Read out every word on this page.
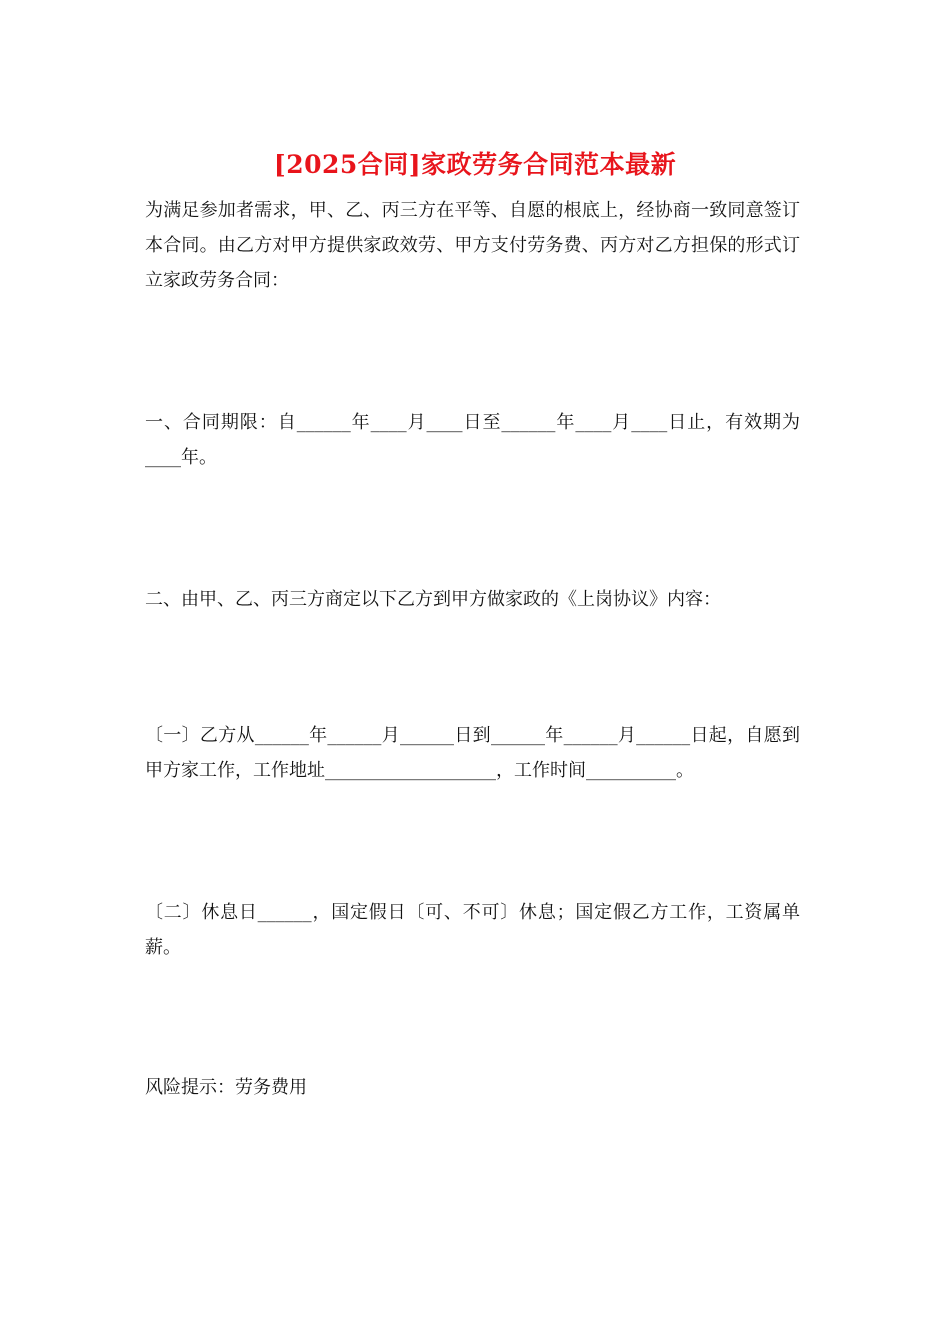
[2025合同]家政劳务合同范本最新
为满足参加者需求，甲、乙、丙三方在平等、自愿的根底上，经协商一致同意签订本合同。由乙方对甲方提供家政效劳、甲方支付劳务费、丙方对乙方担保的形式订立家政劳务合同：
一、合同期限：自______年____月____日至______年____月____日止，有效期为____年。
二、由甲、乙、丙三方商定以下乙方到甲方做家政的《上岗协议》内容：
〔一〕乙方从______年______月______日到______年______月______日起，自愿到甲方家工作，工作地址___________________，工作时间__________。
〔二〕休息日______，国定假日〔可、不可〕休息；国定假乙方工作，工资属单薪。
风险提示：劳务费用
